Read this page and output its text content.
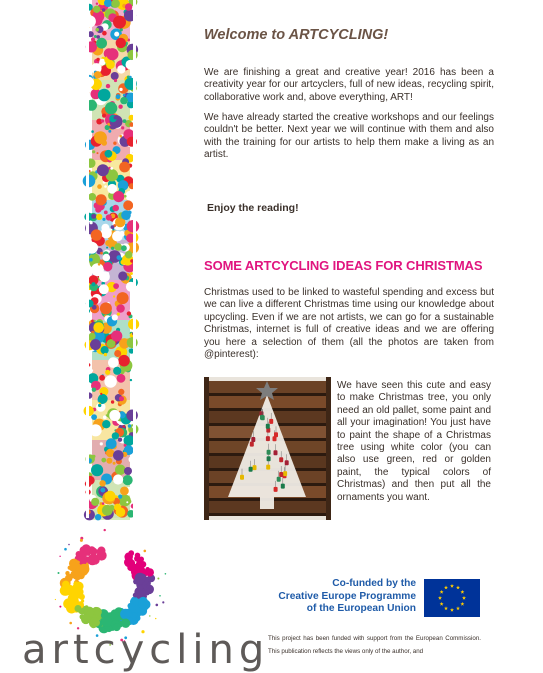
artcycling
Welcome to ARTCYCLING!

We are finishing a great and creative year! 2016 has been a creativity year for our artcyclers, full of new ideas, recycling spirit, collaborative work and, above everything, ART!

We have already started the creative workshops and our feelings couldn't be better. Next year we will continue with them and also with the training for our artists to help them make a living as an artist.

Enjoy the reading!

SOME ARTCYCLING IDEAS FOR CHRISTMAS

Christmas used to be linked to wasteful spending and excess but we can live a different Christmas time using our knowledge about upcycling. Even if we are not artists, we can go for a sustainable Christmas, internet is full of creative ideas and we are offering you here a selection of them (all the photos are taken from @pinterest):

We have seen this cute and easy to make Christmas tree, you only need an old pallet, some paint and all your imagination! You just have to paint the shape of a Christmas tree using white color (you can also use green, red or golden paint, the typical colors of Christmas) and then put all the ornaments you want.

Co-funded by the
Creative Europe Programme
of the European Union

This project has been funded with support from the European Commission. This publication reflects the views only of the author, and
